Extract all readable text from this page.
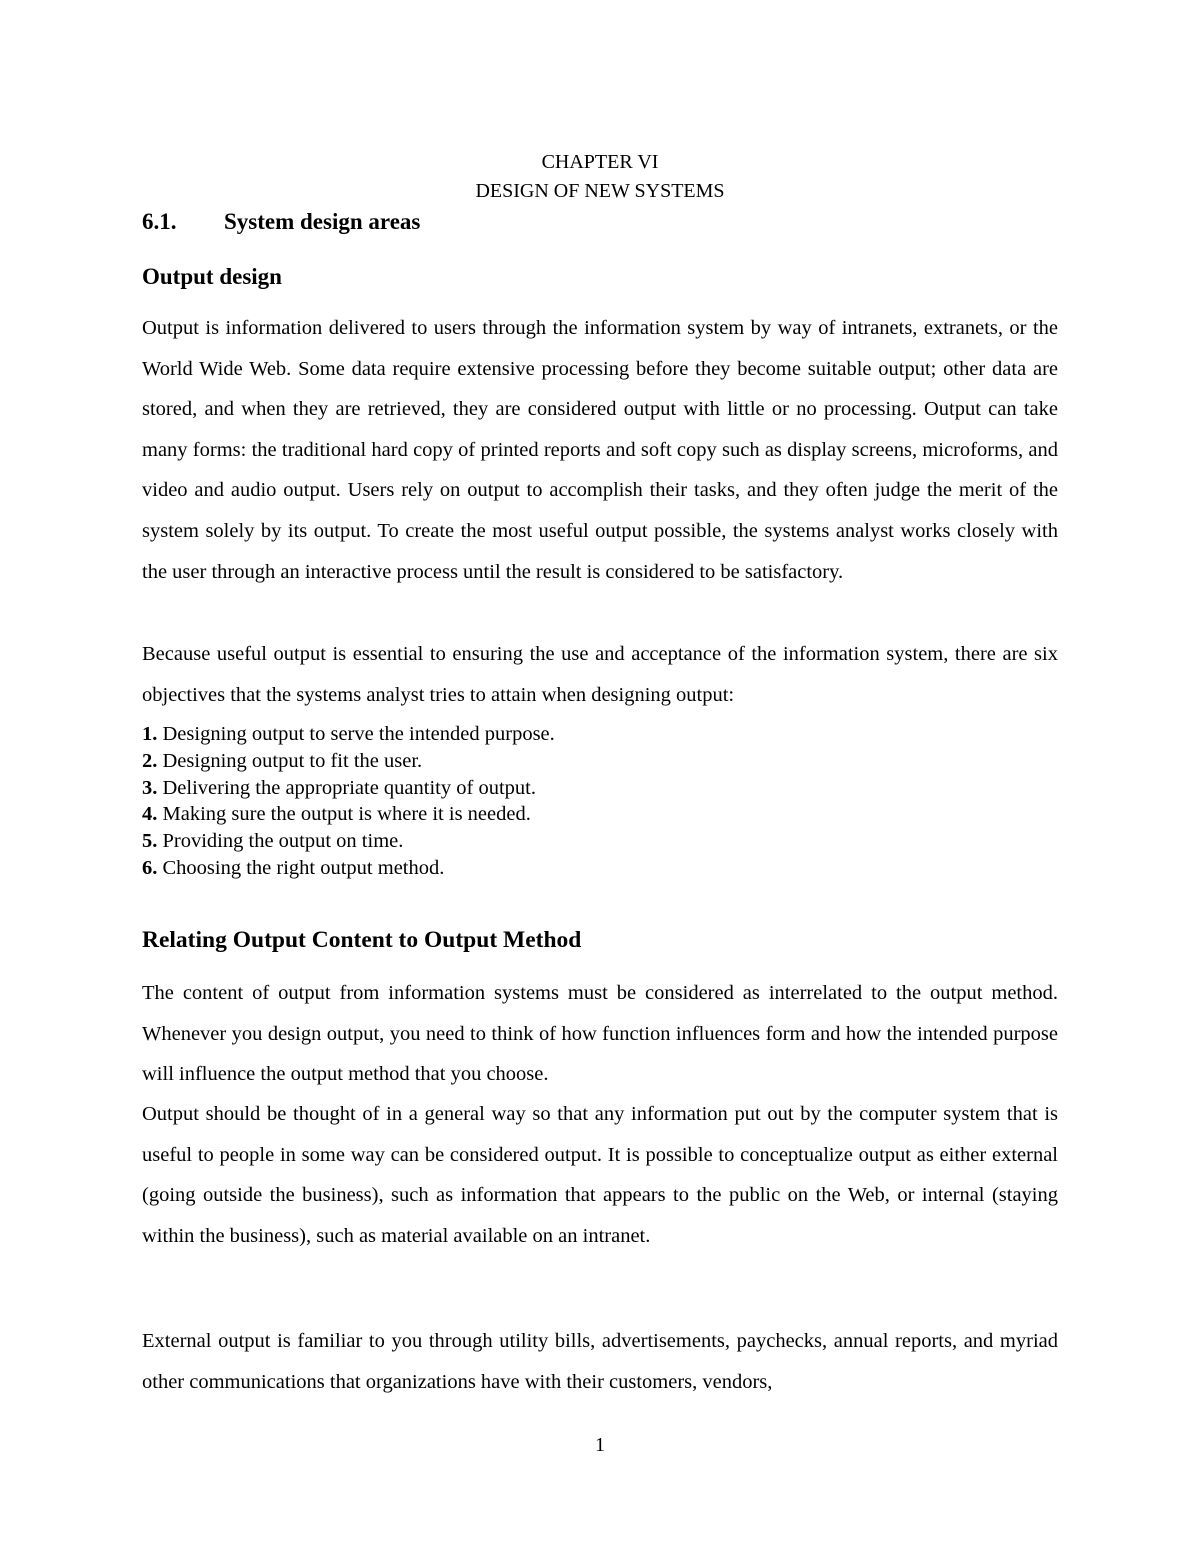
CHAPTER VI
DESIGN OF NEW SYSTEMS
6.1. System design areas
Output design

Output is information delivered to users through the information system by way of intranets, extranets, or the World Wide Web. Some data require extensive processing before they become suitable output; other data are stored, and when they are retrieved, they are considered output with little or no processing. Output can take many forms: the traditional hard copy of printed reports and soft copy such as display screens, microforms, and video and audio output. Users rely on output to accomplish their tasks, and they often judge the merit of the system solely by its output. To create the most useful output possible, the systems analyst works closely with the user through an interactive process until the result is considered to be satisfactory.

Because useful output is essential to ensuring the use and acceptance of the information system, there are six objectives that the systems analyst tries to attain when designing output:

1. Designing output to serve the intended purpose.
2. Designing output to fit the user.
3. Delivering the appropriate quantity of output.
4. Making sure the output is where it is needed.
5. Providing the output on time.
6. Choosing the right output method.
Relating Output Content to Output Method

The content of output from information systems must be considered as interrelated to the output method. Whenever you design output, you need to think of how function influences form and how the intended purpose will influence the output method that you choose.

Output should be thought of in a general way so that any information put out by the computer system that is useful to people in some way can be considered output. It is possible to conceptualize output as either external (going outside the business), such as information that appears to the public on the Web, or internal (staying within the business), such as material available on an intranet.

External output is familiar to you through utility bills, advertisements, paychecks, annual reports, and myriad other communications that organizations have with their customers, vendors,

1
